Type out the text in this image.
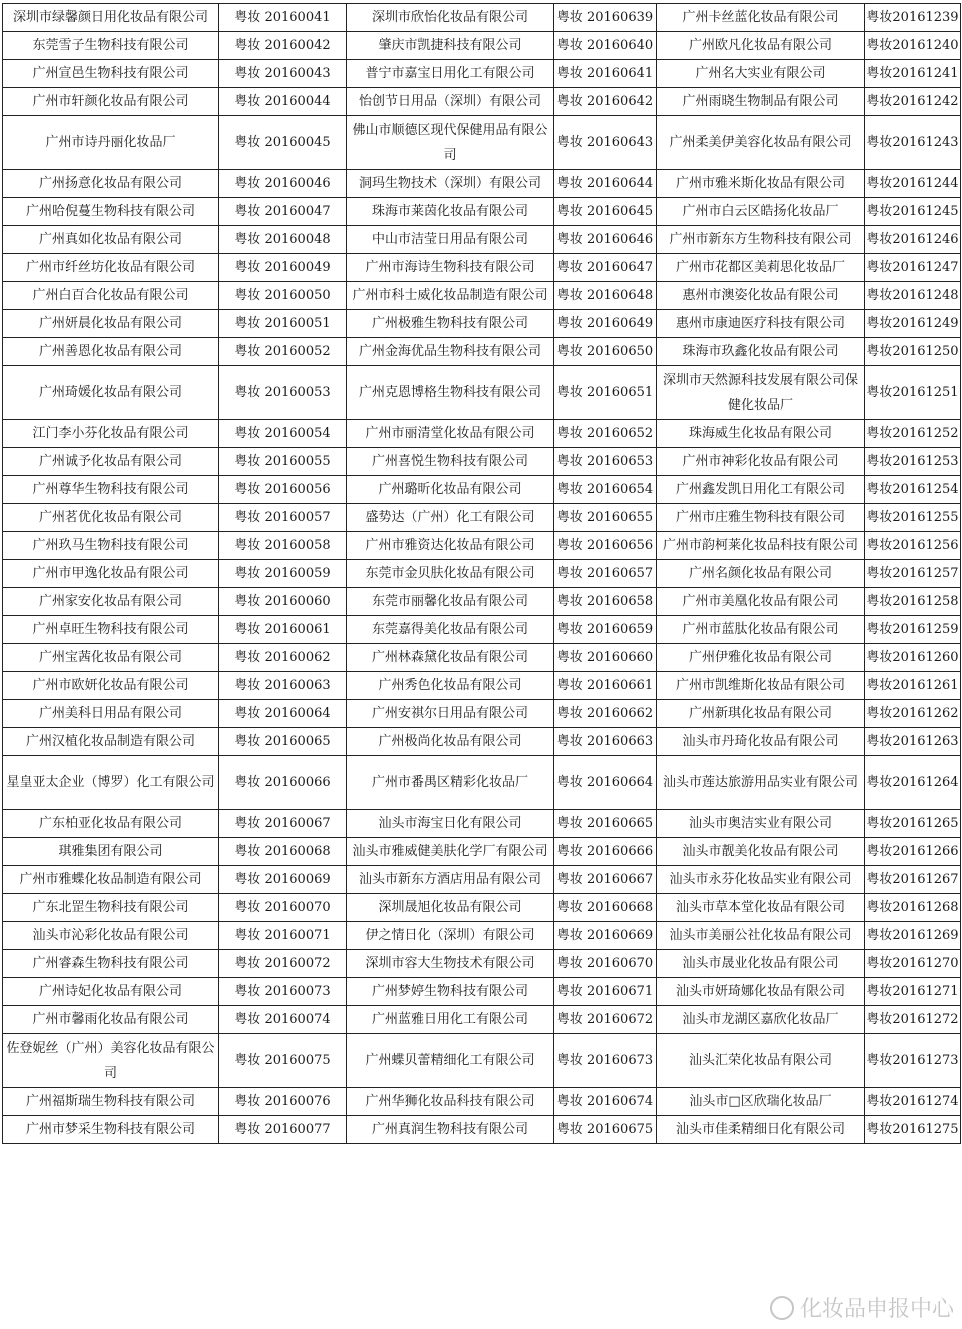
深圳市绿馨颜日用化妆品有限公司	粤妆 20160041	深圳市欣怡化妆品有限公司	粤妆 20160639	广州卡丝蓝化妆品有限公司	粤妆20161239
东莞雪子生物科技有限公司	粤妆 20160042	肇庆市凯捷科技有限公司	粤妆 20160640	广州欧凡化妆品有限公司	粤妆20161240
广州宣邑生物科技有限公司	粤妆 20160043	普宁市嘉宝日用化工有限公司	粤妆 20160641	广州名大实业有限公司	粤妆20161241
广州市轩颜化妆品有限公司	粤妆 20160044	怡创节日用品（深圳）有限公司	粤妆 20160642	广州雨晓生物制品有限公司	粤妆20161242
广州市诗丹丽化妆品厂	粤妆 20160045	佛山市顺德区现代保健用品有限公司	粤妆 20160643	广州柔美伊美容化妆品有限公司	粤妆20161243
广州扬意化妆品有限公司	粤妆 20160046	洞玛生物技术（深圳）有限公司	粤妆 20160644	广州市雅米斯化妆品有限公司	粤妆20161244
广州哈倪蔓生物科技有限公司	粤妆 20160047	珠海市莱茵化妆品有限公司	粤妆 20160645	广州市白云区皓扬化妆品厂	粤妆20161245
广州真如化妆品有限公司	粤妆 20160048	中山市洁莹日用品有限公司	粤妆 20160646	广州市新东方生物科技有限公司	粤妆20161246
广州市纤丝坊化妆品有限公司	粤妆 20160049	广州市海诗生物科技有限公司	粤妆 20160647	广州市花都区美莉思化妆品厂	粤妆20161247
广州白百合化妆品有限公司	粤妆 20160050	广州市科士威化妆品制造有限公司	粤妆 20160648	惠州市澳姿化妆品有限公司	粤妆20161248
广州妍晨化妆品有限公司	粤妆 20160051	广州极雅生物科技有限公司	粤妆 20160649	惠州市康迪医疗科技有限公司	粤妆20161249
广州善恩化妆品有限公司	粤妆 20160052	广州金海优品生物科技有限公司	粤妆 20160650	珠海市玖鑫化妆品有限公司	粤妆20161250
广州琦媛化妆品有限公司	粤妆 20160053	广州克恩博格生物科技有限公司	粤妆 20160651	深圳市天然源科技发展有限公司保健化妆品厂	粤妆20161251
江门李小芬化妆品有限公司	粤妆 20160054	广州市丽清堂化妆品有限公司	粤妆 20160652	珠海威生化妆品有限公司	粤妆20161252
广州诚予化妆品有限公司	粤妆 20160055	广州喜悦生物科技有限公司	粤妆 20160653	广州市神彩化妆品有限公司	粤妆20161253
广州尊华生物科技有限公司	粤妆 20160056	广州璐昕化妆品有限公司	粤妆 20160654	广州鑫发凯日用化工有限公司	粤妆20161254
广州茗优化妆品有限公司	粤妆 20160057	盛势达（广州）化工有限公司	粤妆 20160655	广州市庄雅生物科技有限公司	粤妆20161255
广州玖马生物科技有限公司	粤妆 20160058	广州市雅资达化妆品有限公司	粤妆 20160656	广州市韵柯莱化妆品科技有限公司	粤妆20161256
广州市甲逸化妆品有限公司	粤妆 20160059	东莞市金贝肤化妆品有限公司	粤妆 20160657	广州名颜化妆品有限公司	粤妆20161257
广州家安化妆品有限公司	粤妆 20160060	东莞市丽馨化妆品有限公司	粤妆 20160658	广州市美凰化妆品有限公司	粤妆20161258
广州卓旺生物科技有限公司	粤妆 20160061	东莞嘉得美化妆品有限公司	粤妆 20160659	广州市蓝肽化妆品有限公司	粤妆20161259
广州宝茜化妆品有限公司	粤妆 20160062	广州林森黛化妆品有限公司	粤妆 20160660	广州伊雅化妆品有限公司	粤妆20161260
广州市欧妍化妆品有限公司	粤妆 20160063	广州秀色化妆品有限公司	粤妆 20160661	广州市凯维斯化妆品有限公司	粤妆20161261
广州美科日用品有限公司	粤妆 20160064	广州安祺尔日用品有限公司	粤妆 20160662	广州新琪化妆品有限公司	粤妆20161262
广州汉植化妆品制造有限公司	粤妆 20160065	广州极尚化妆品有限公司	粤妆 20160663	汕头市丹琦化妆品有限公司	粤妆20161263
星皇亚太企业（博罗）化工有限公司	粤妆 20160066	广州市番禺区精彩化妆品厂	粤妆 20160664	汕头市莲达旅游用品实业有限公司	粤妆20161264
广东柏亚化妆品有限公司	粤妆 20160067	汕头市海宝日化有限公司	粤妆 20160665	汕头市奥洁实业有限公司	粤妆20161265
琪雅集团有限公司	粤妆 20160068	汕头市雅威健美肤化学厂有限公司	粤妆 20160666	汕头市靓美化妆品有限公司	粤妆20161266
广州市雅蝶化妆品制造有限公司	粤妆 20160069	汕头市新东方酒店用品有限公司	粤妆 20160667	汕头市永芬化妆品实业有限公司	粤妆20161267
广东北罡生物科技有限公司	粤妆 20160070	深圳晟旭化妆品有限公司	粤妆 20160668	汕头市草本堂化妆品有限公司	粤妆20161268
汕头市沁彩化妆品有限公司	粤妆 20160071	伊之情日化（深圳）有限公司	粤妆 20160669	汕头市美丽公社化妆品有限公司	粤妆20161269
广州睿森生物科技有限公司	粤妆 20160072	深圳市容大生物技术有限公司	粤妆 20160670	汕头市晟业化妆品有限公司	粤妆20161270
广州诗妃化妆品有限公司	粤妆 20160073	广州梦婷生物科技有限公司	粤妆 20160671	汕头市妍琦娜化妆品有限公司	粤妆20161271
广州市馨雨化妆品有限公司	粤妆 20160074	广州蓝雅日用化工有限公司	粤妆 20160672	汕头市龙湖区嘉欣化妆品厂	粤妆20161272
佐登妮丝（广州）美容化妆品有限公司	粤妆 20160075	广州蝶贝蕾精细化工有限公司	粤妆 20160673	汕头汇荣化妆品有限公司	粤妆20161273
广州福斯瑞生物科技有限公司	粤妆 20160076	广州华狮化妆品科技有限公司	粤妆 20160674	汕头市□区欣瑞化妆品厂	粤妆20161274
广州市梦采生物科技有限公司	粤妆 20160077	广州真润生物科技有限公司	粤妆 20160675	汕头市佳柔精细日化有限公司	粤妆20161275
化妆品申报中心
